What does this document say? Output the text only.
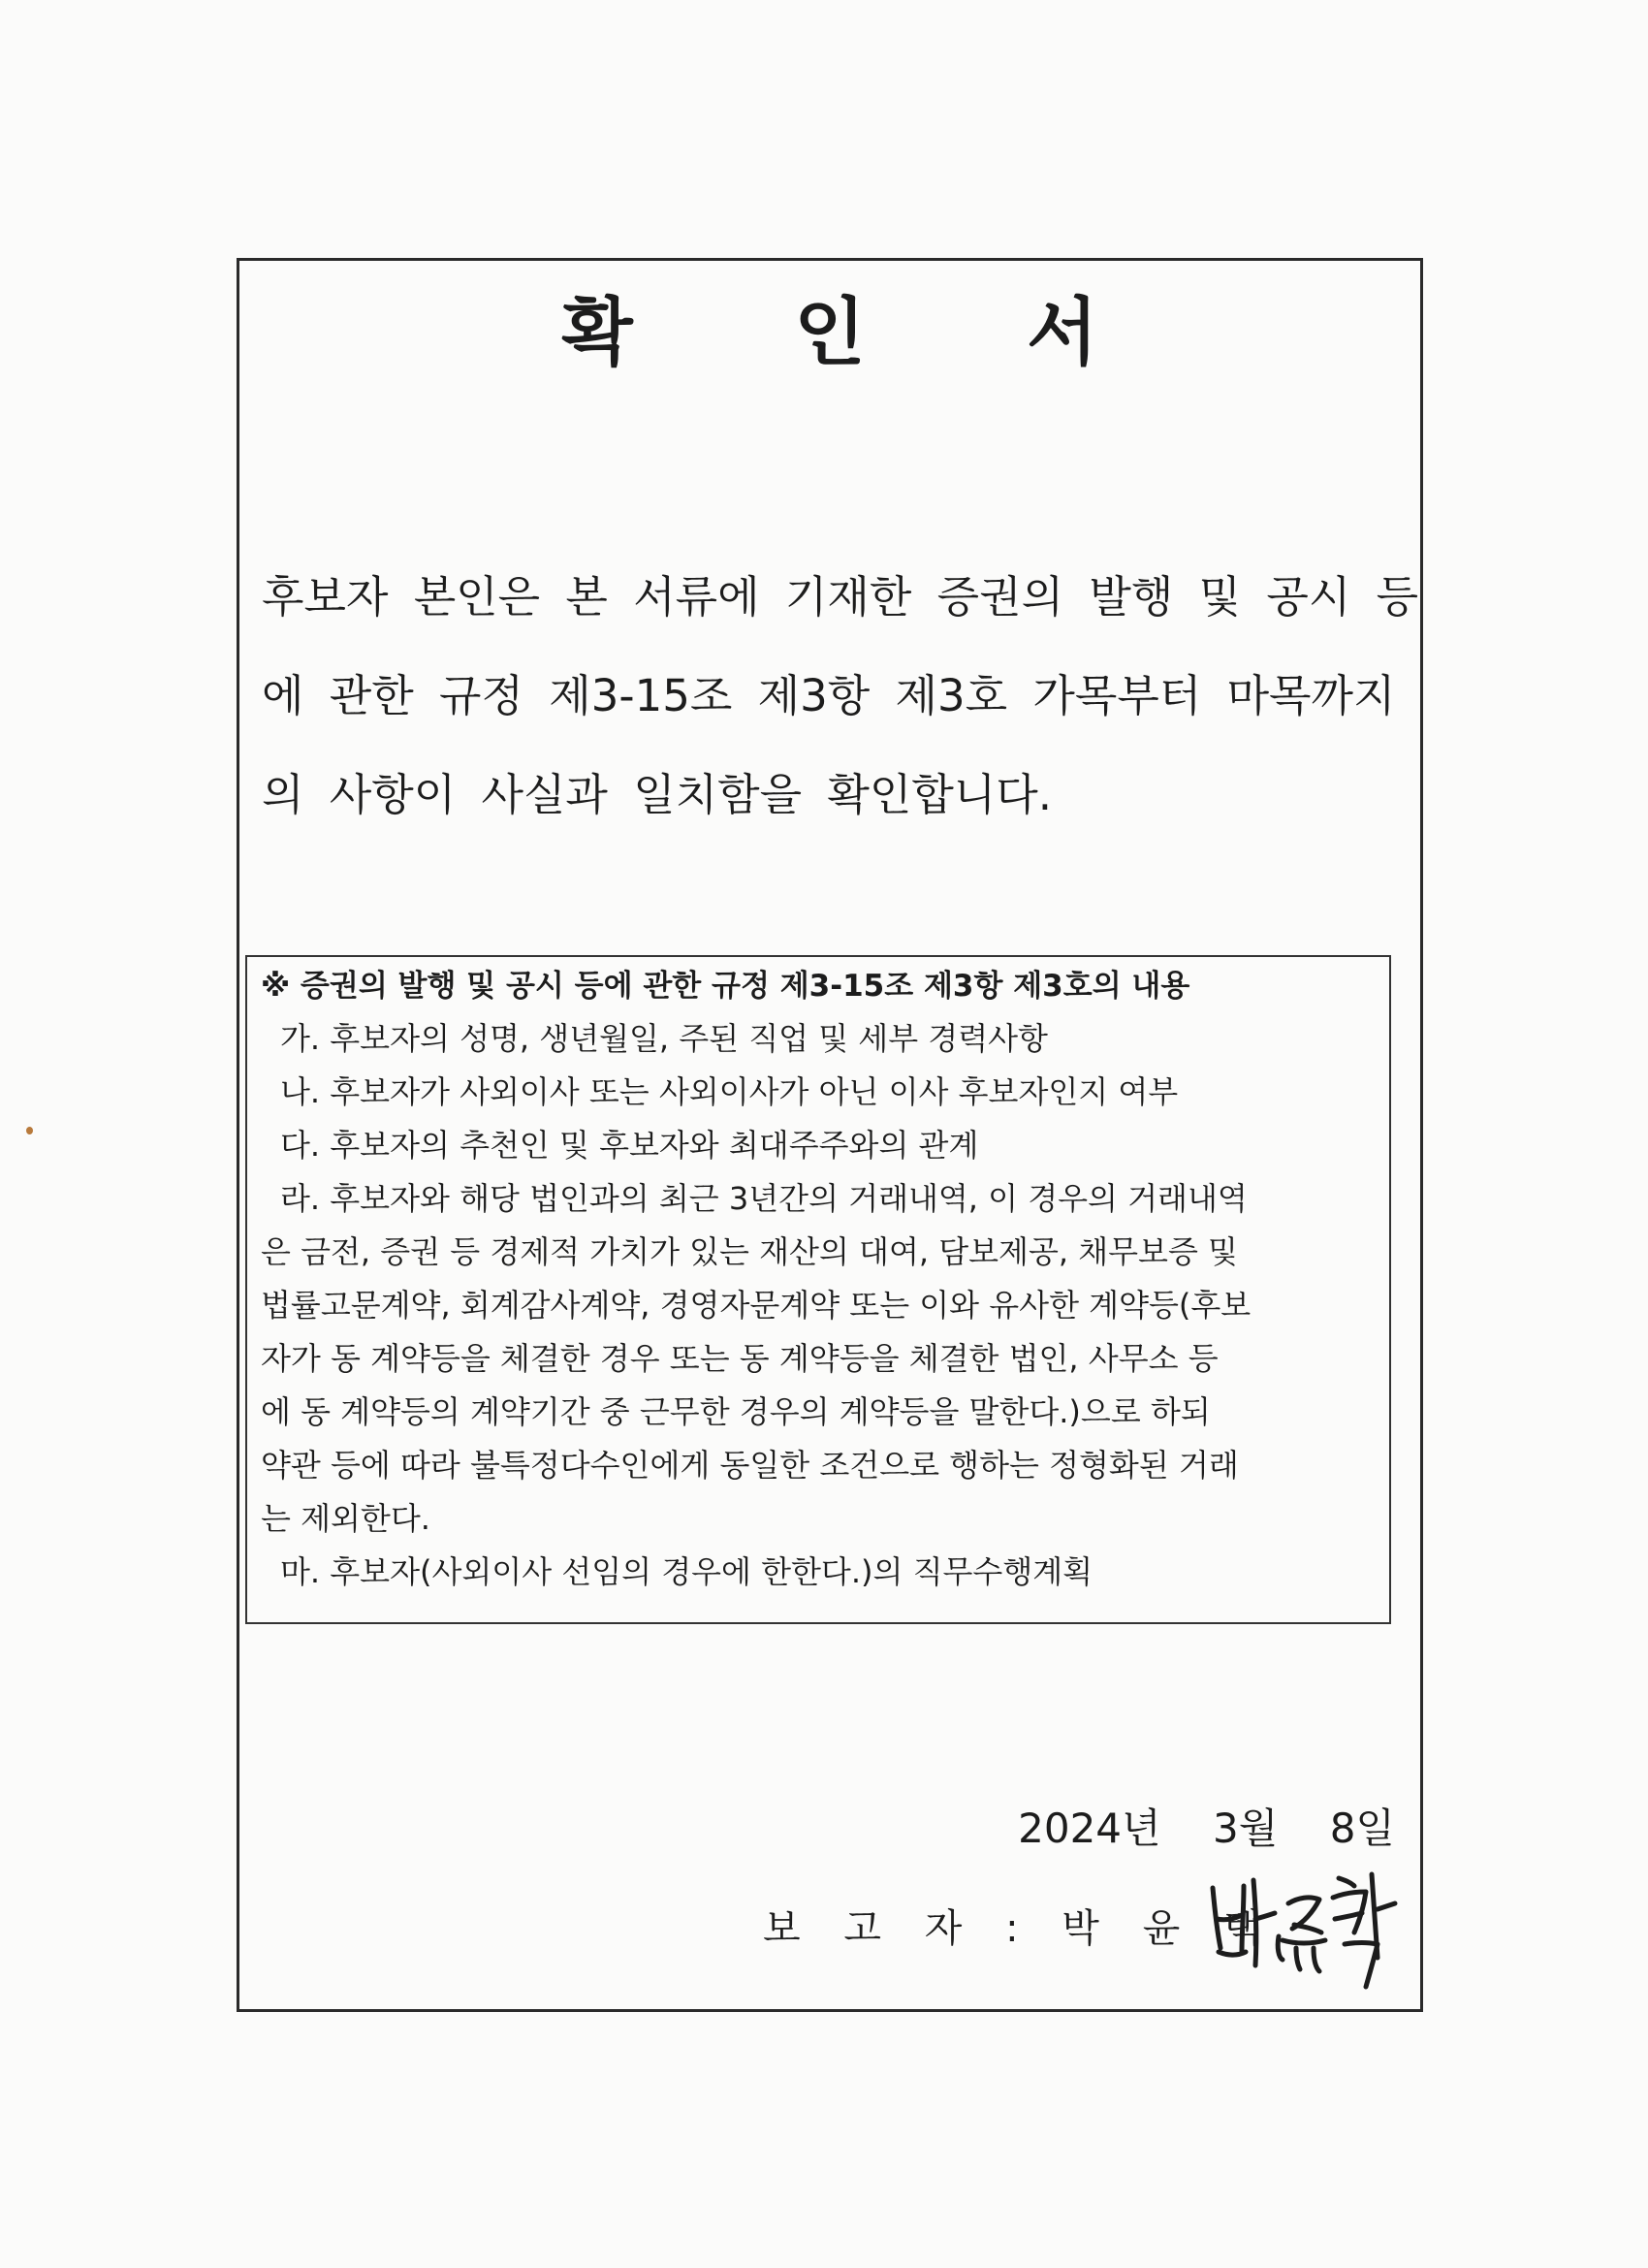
확 인 서
후보자 본인은 본 서류에 기재한 증권의 발행 및 공시 등
에 관한 규정 제3-15조 제3항 제3호 가목부터 마목까지
의 사항이 사실과 일치함을 확인합니다.
※ 증권의 발행 및 공시 등에 관한 규정 제3-15조 제3항 제3호의 내용
가. 후보자의 성명, 생년월일, 주된 직업 및 세부 경력사항
나. 후보자가 사외이사 또는 사외이사가 아닌 이사 후보자인지 여부
다. 후보자의 추천인 및 후보자와 최대주주와의 관계
라. 후보자와 해당 법인과의 최근 3년간의 거래내역, 이 경우의 거래내역
은 금전, 증권 등 경제적 가치가 있는 재산의 대여, 담보제공, 채무보증 및
법률고문계약, 회계감사계약, 경영자문계약 또는 이와 유사한 계약등(후보
자가 동 계약등을 체결한 경우 또는 동 계약등을 체결한 법인, 사무소 등
에 동 계약등의 계약기간 중 근무한 경우의 계약등을 말한다.)으로 하되
약관 등에 따라 불특정다수인에게 동일한 조건으로 행하는 정형화된 거래
는 제외한다.
마. 후보자(사외이사 선임의 경우에 한한다.)의 직무수행계획
2024년    3월    8일
보 고 자 : 박 윤 택
